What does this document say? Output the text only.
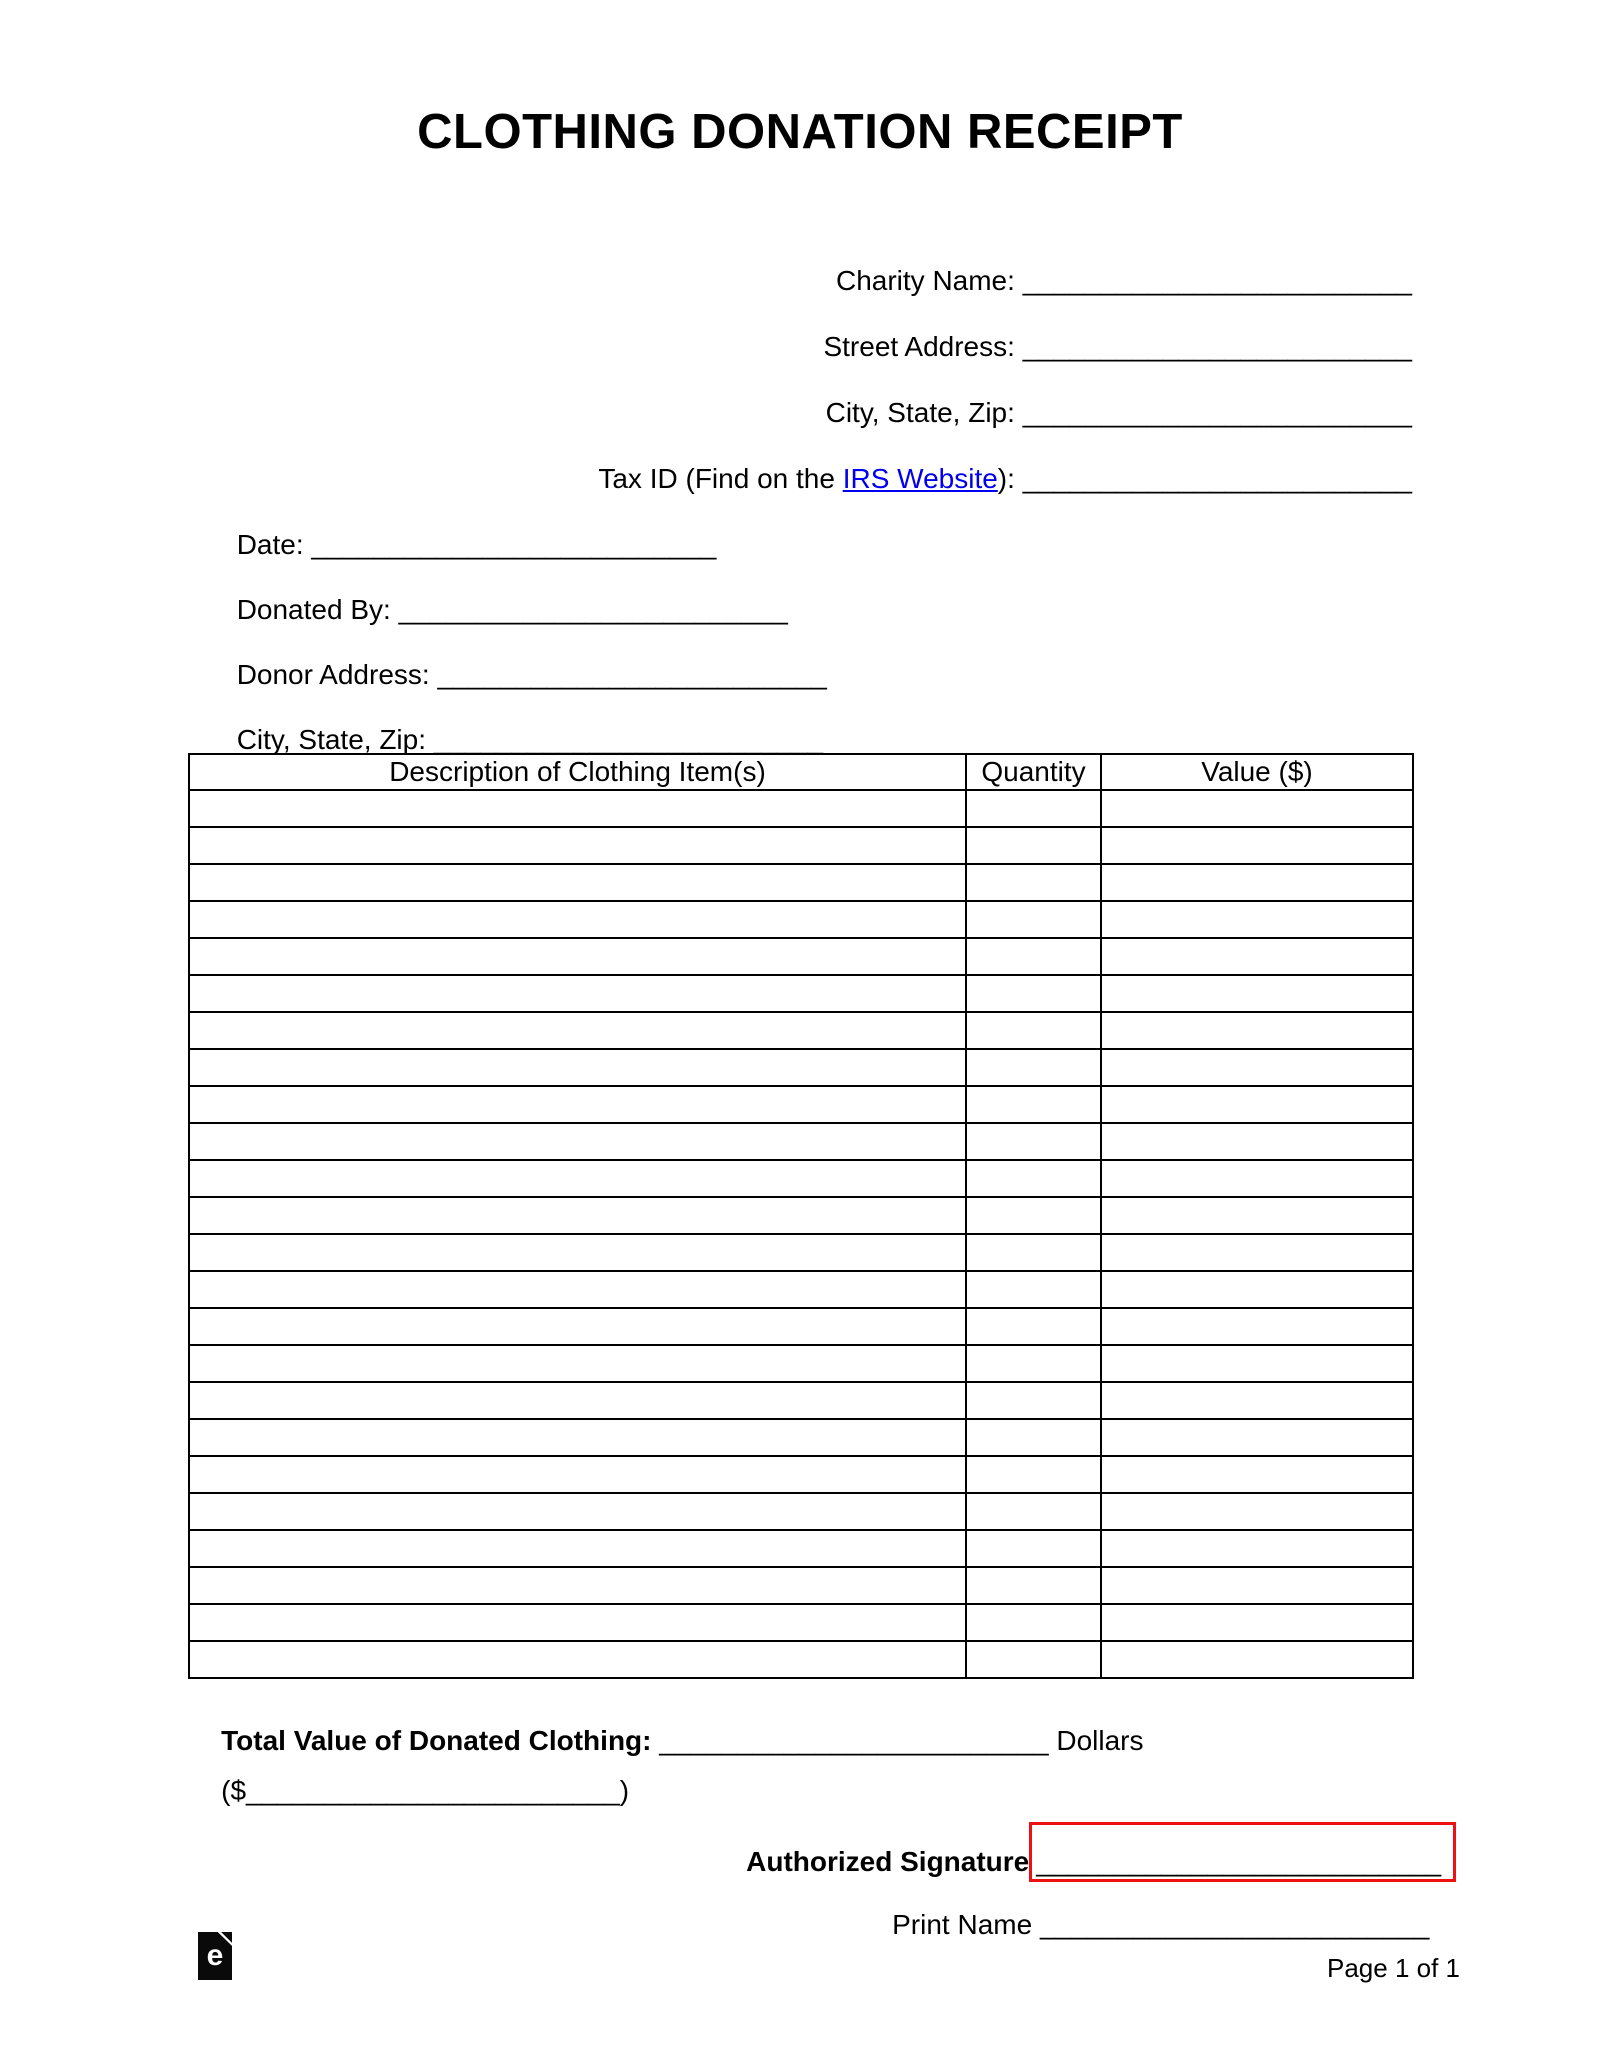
CLOTHING DONATION RECEIPT

Charity Name: _________________________

Street Address: _________________________

City, State, Zip: _________________________

Tax ID (Find on the IRS Website): _________________________

Date: __________________________

Donated By: _________________________

Donor Address: _________________________

City, State, Zip: _________________________

Description of Clothing Item(s)	Quantity	Value ($)

Total Value of Donated Clothing: _________________________ Dollars

($________________________)

Authorized Signature __________________________

Print Name _________________________

e	Page 1 of 1
